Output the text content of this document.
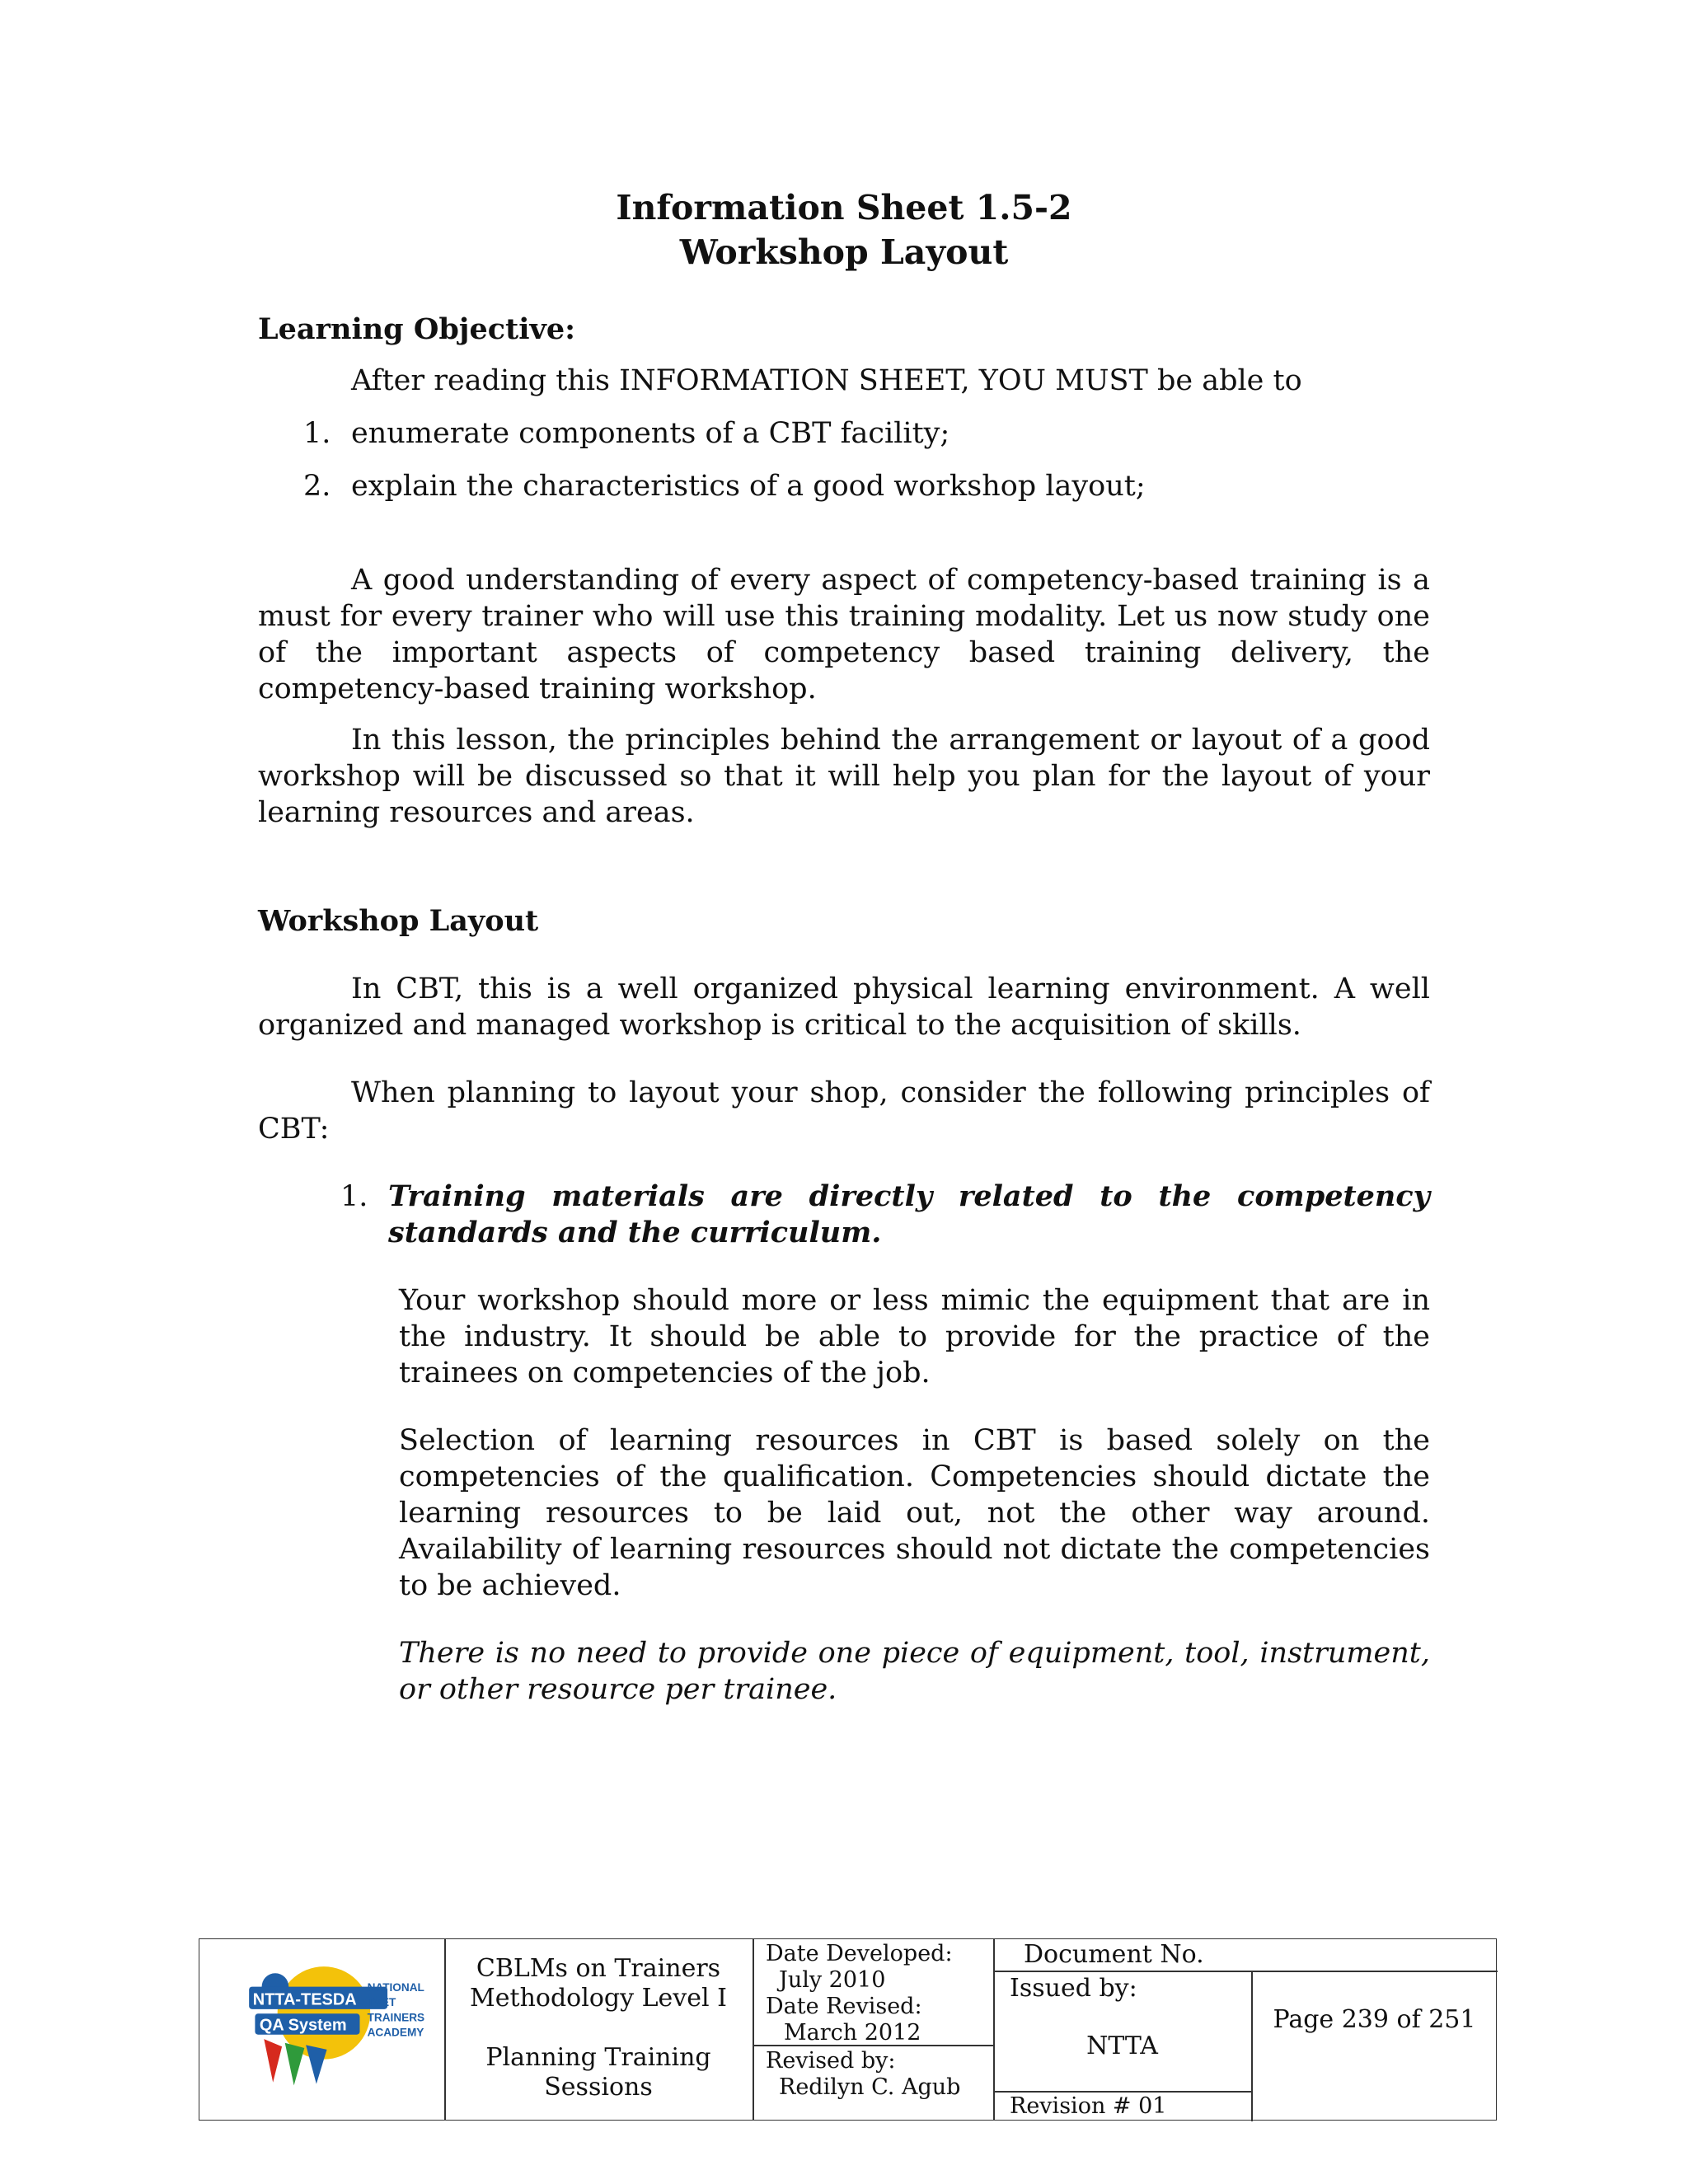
Information Sheet 1.5-2
Workshop Layout

Learning Objective:

After reading this INFORMATION SHEET, YOU MUST be able to

1. enumerate components of a CBT facility;
2. explain the characteristics of a good workshop layout;

A good understanding of every aspect of competency-based training is a must for every trainer who will use this training modality. Let us now study one of the important aspects of competency based training delivery, the competency-based training workshop.

In this lesson, the principles behind the arrangement or layout of a good workshop will be discussed so that it will help you plan for the layout of your learning resources and areas.

Workshop Layout

In CBT, this is a well organized physical learning environment. A well organized and managed workshop is critical to the acquisition of skills.

When planning to layout your shop, consider the following principles of CBT:

1. Training materials are directly related to the competency standards and the curriculum.

Your workshop should more or less mimic the equipment that are in the industry. It should be able to provide for the practice of the trainees on competencies of the job.

Selection of learning resources in CBT is based solely on the competencies of the qualification. Competencies should dictate the learning resources to be laid out, not the other way around. Availability of learning resources should not dictate the competencies to be achieved.

There is no need to provide one piece of equipment, tool, instrument, or other resource per trainee.

NTTA-TESDA
QA System
NATIONAL
TVET
TRAINERS
ACADEMY
CBLMs on Trainers
Methodology Level I
Planning Training
Sessions
Date Developed:
July 2010
Date Revised:
March 2012
Revised by:
Redilyn C. Agub
Document No.
Issued by:
NTTA
Revision # 01
Page 239 of 251
